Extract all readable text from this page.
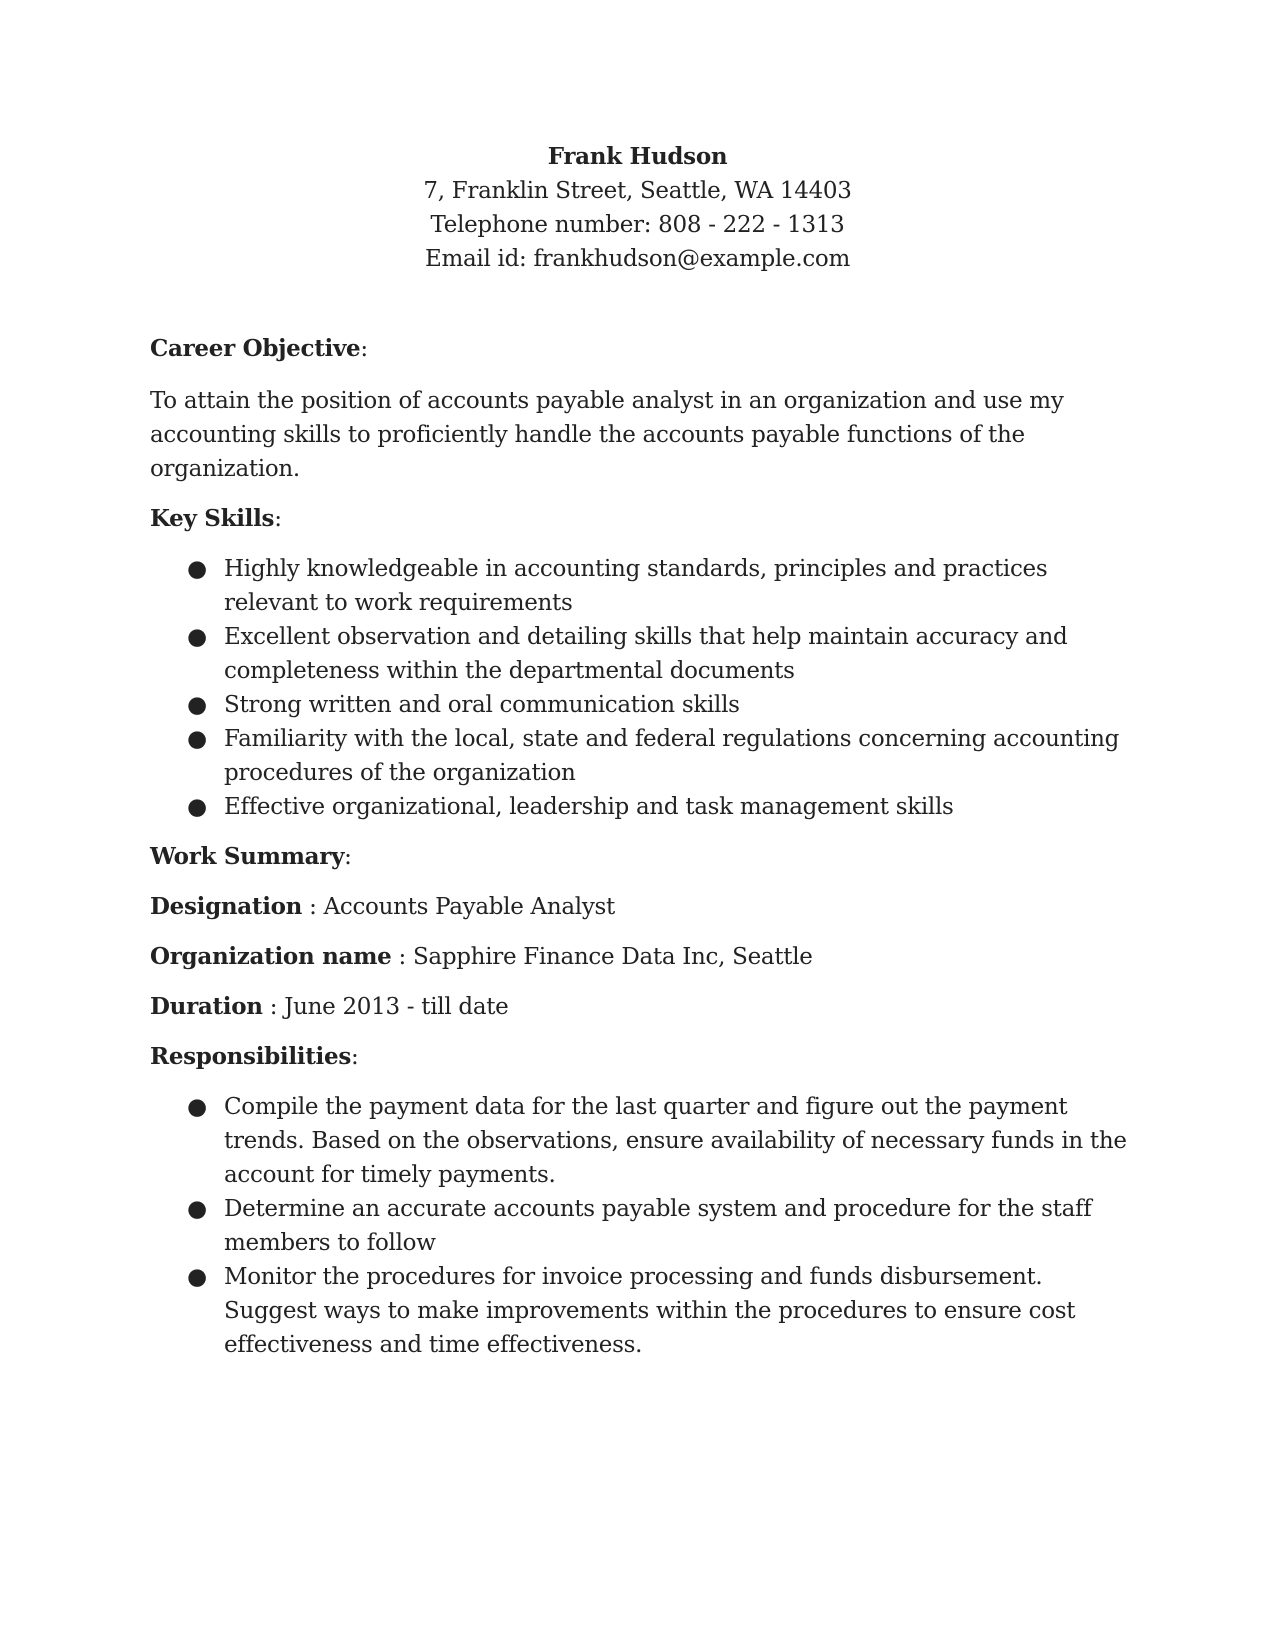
Frank Hudson
7, Franklin Street, Seattle, WA 14403
Telephone number: 808 - 222 - 1313
Email id: frankhudson@example.com

Career Objective:

To attain the position of accounts payable analyst in an organization and use my accounting skills to proficiently handle the accounts payable functions of the organization.

Key Skills:

● Highly knowledgeable in accounting standards, principles and practices relevant to work requirements
● Excellent observation and detailing skills that help maintain accuracy and completeness within the departmental documents
● Strong written and oral communication skills
● Familiarity with the local, state and federal regulations concerning accounting procedures of the organization
● Effective organizational, leadership and task management skills

Work Summary:

Designation : Accounts Payable Analyst

Organization name : Sapphire Finance Data Inc, Seattle

Duration : June 2013 - till date

Responsibilities:

● Compile the payment data for the last quarter and figure out the payment trends. Based on the observations, ensure availability of necessary funds in the account for timely payments.
● Determine an accurate accounts payable system and procedure for the staff members to follow
● Monitor the procedures for invoice processing and funds disbursement. Suggest ways to make improvements within the procedures to ensure cost effectiveness and time effectiveness.
